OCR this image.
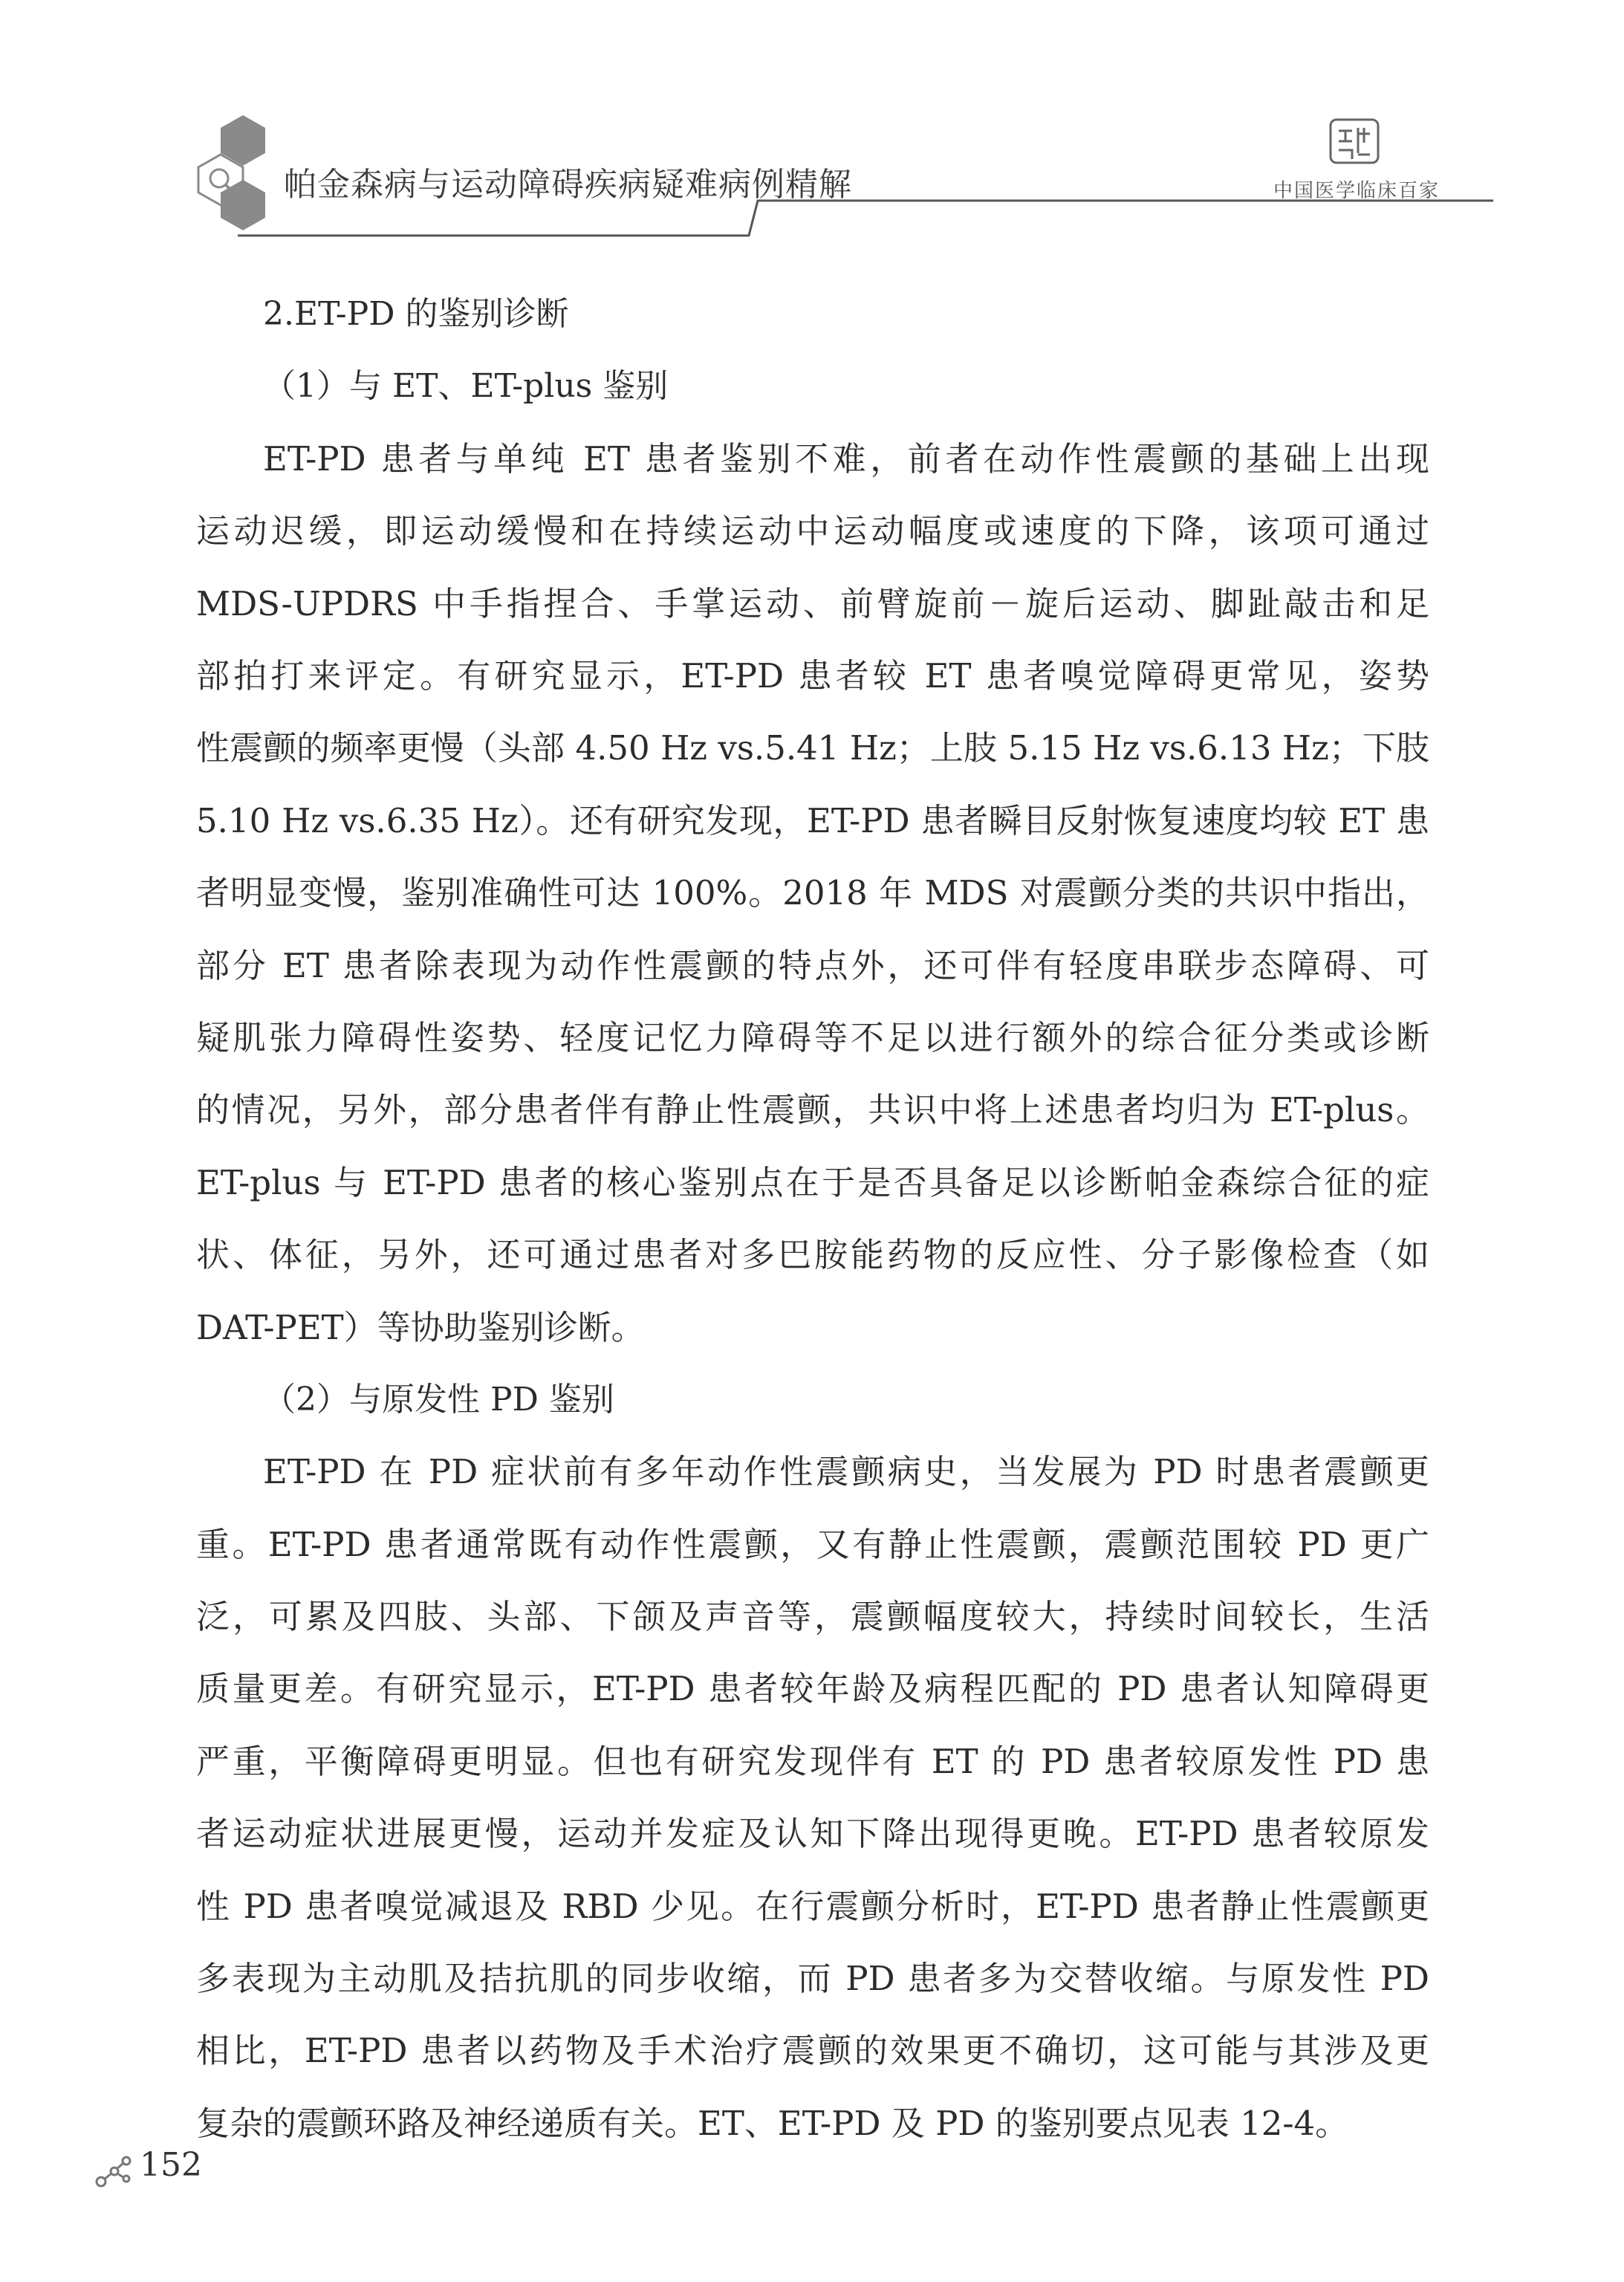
帕金森病与运动障碍疾病疑难病例精解	中国医学临床百家

2.ET-PD 的鉴别诊断

（1）与 ET、ET-plus 鉴别

ET-PD 患者与单纯 ET 患者鉴别不难，前者在动作性震颤的基础上出现

运动迟缓，即运动缓慢和在持续运动中运动幅度或速度的下降，该项可通过

MDS-UPDRS 中手指捏合、手掌运动、前臂旋前－旋后运动、脚趾敲击和足

部拍打来评定。有研究显示，ET-PD 患者较 ET 患者嗅觉障碍更常见，姿势

性震颤的频率更慢（头部 4.50 Hz vs.5.41 Hz；上肢 5.15 Hz vs.6.13 Hz；下肢

5.10 Hz vs.6.35 Hz）。还有研究发现，ET-PD 患者瞬目反射恢复速度均较 ET 患

者明显变慢，鉴别准确性可达 100%。2018 年 MDS 对震颤分类的共识中指出，

部分 ET 患者除表现为动作性震颤的特点外，还可伴有轻度串联步态障碍、可

疑肌张力障碍性姿势、轻度记忆力障碍等不足以进行额外的综合征分类或诊断

的情况，另外，部分患者伴有静止性震颤，共识中将上述患者均归为 ET-plus。

ET-plus 与 ET-PD 患者的核心鉴别点在于是否具备足以诊断帕金森综合征的症

状、体征，另外，还可通过患者对多巴胺能药物的反应性、分子影像检查（如

DAT-PET）等协助鉴别诊断。

（2）与原发性 PD 鉴别

ET-PD 在 PD 症状前有多年动作性震颤病史，当发展为 PD 时患者震颤更

重。ET-PD 患者通常既有动作性震颤，又有静止性震颤，震颤范围较 PD 更广

泛，可累及四肢、头部、下颌及声音等，震颤幅度较大，持续时间较长，生活

质量更差。有研究显示，ET-PD 患者较年龄及病程匹配的 PD 患者认知障碍更

严重，平衡障碍更明显。但也有研究发现伴有 ET 的 PD 患者较原发性 PD 患

者运动症状进展更慢，运动并发症及认知下降出现得更晚。ET-PD 患者较原发

性 PD 患者嗅觉减退及 RBD 少见。在行震颤分析时，ET-PD 患者静止性震颤更

多表现为主动肌及拮抗肌的同步收缩，而 PD 患者多为交替收缩。与原发性 PD

相比，ET-PD 患者以药物及手术治疗震颤的效果更不确切，这可能与其涉及更

复杂的震颤环路及神经递质有关。ET、ET-PD 及 PD 的鉴别要点见表 12-4。

152
